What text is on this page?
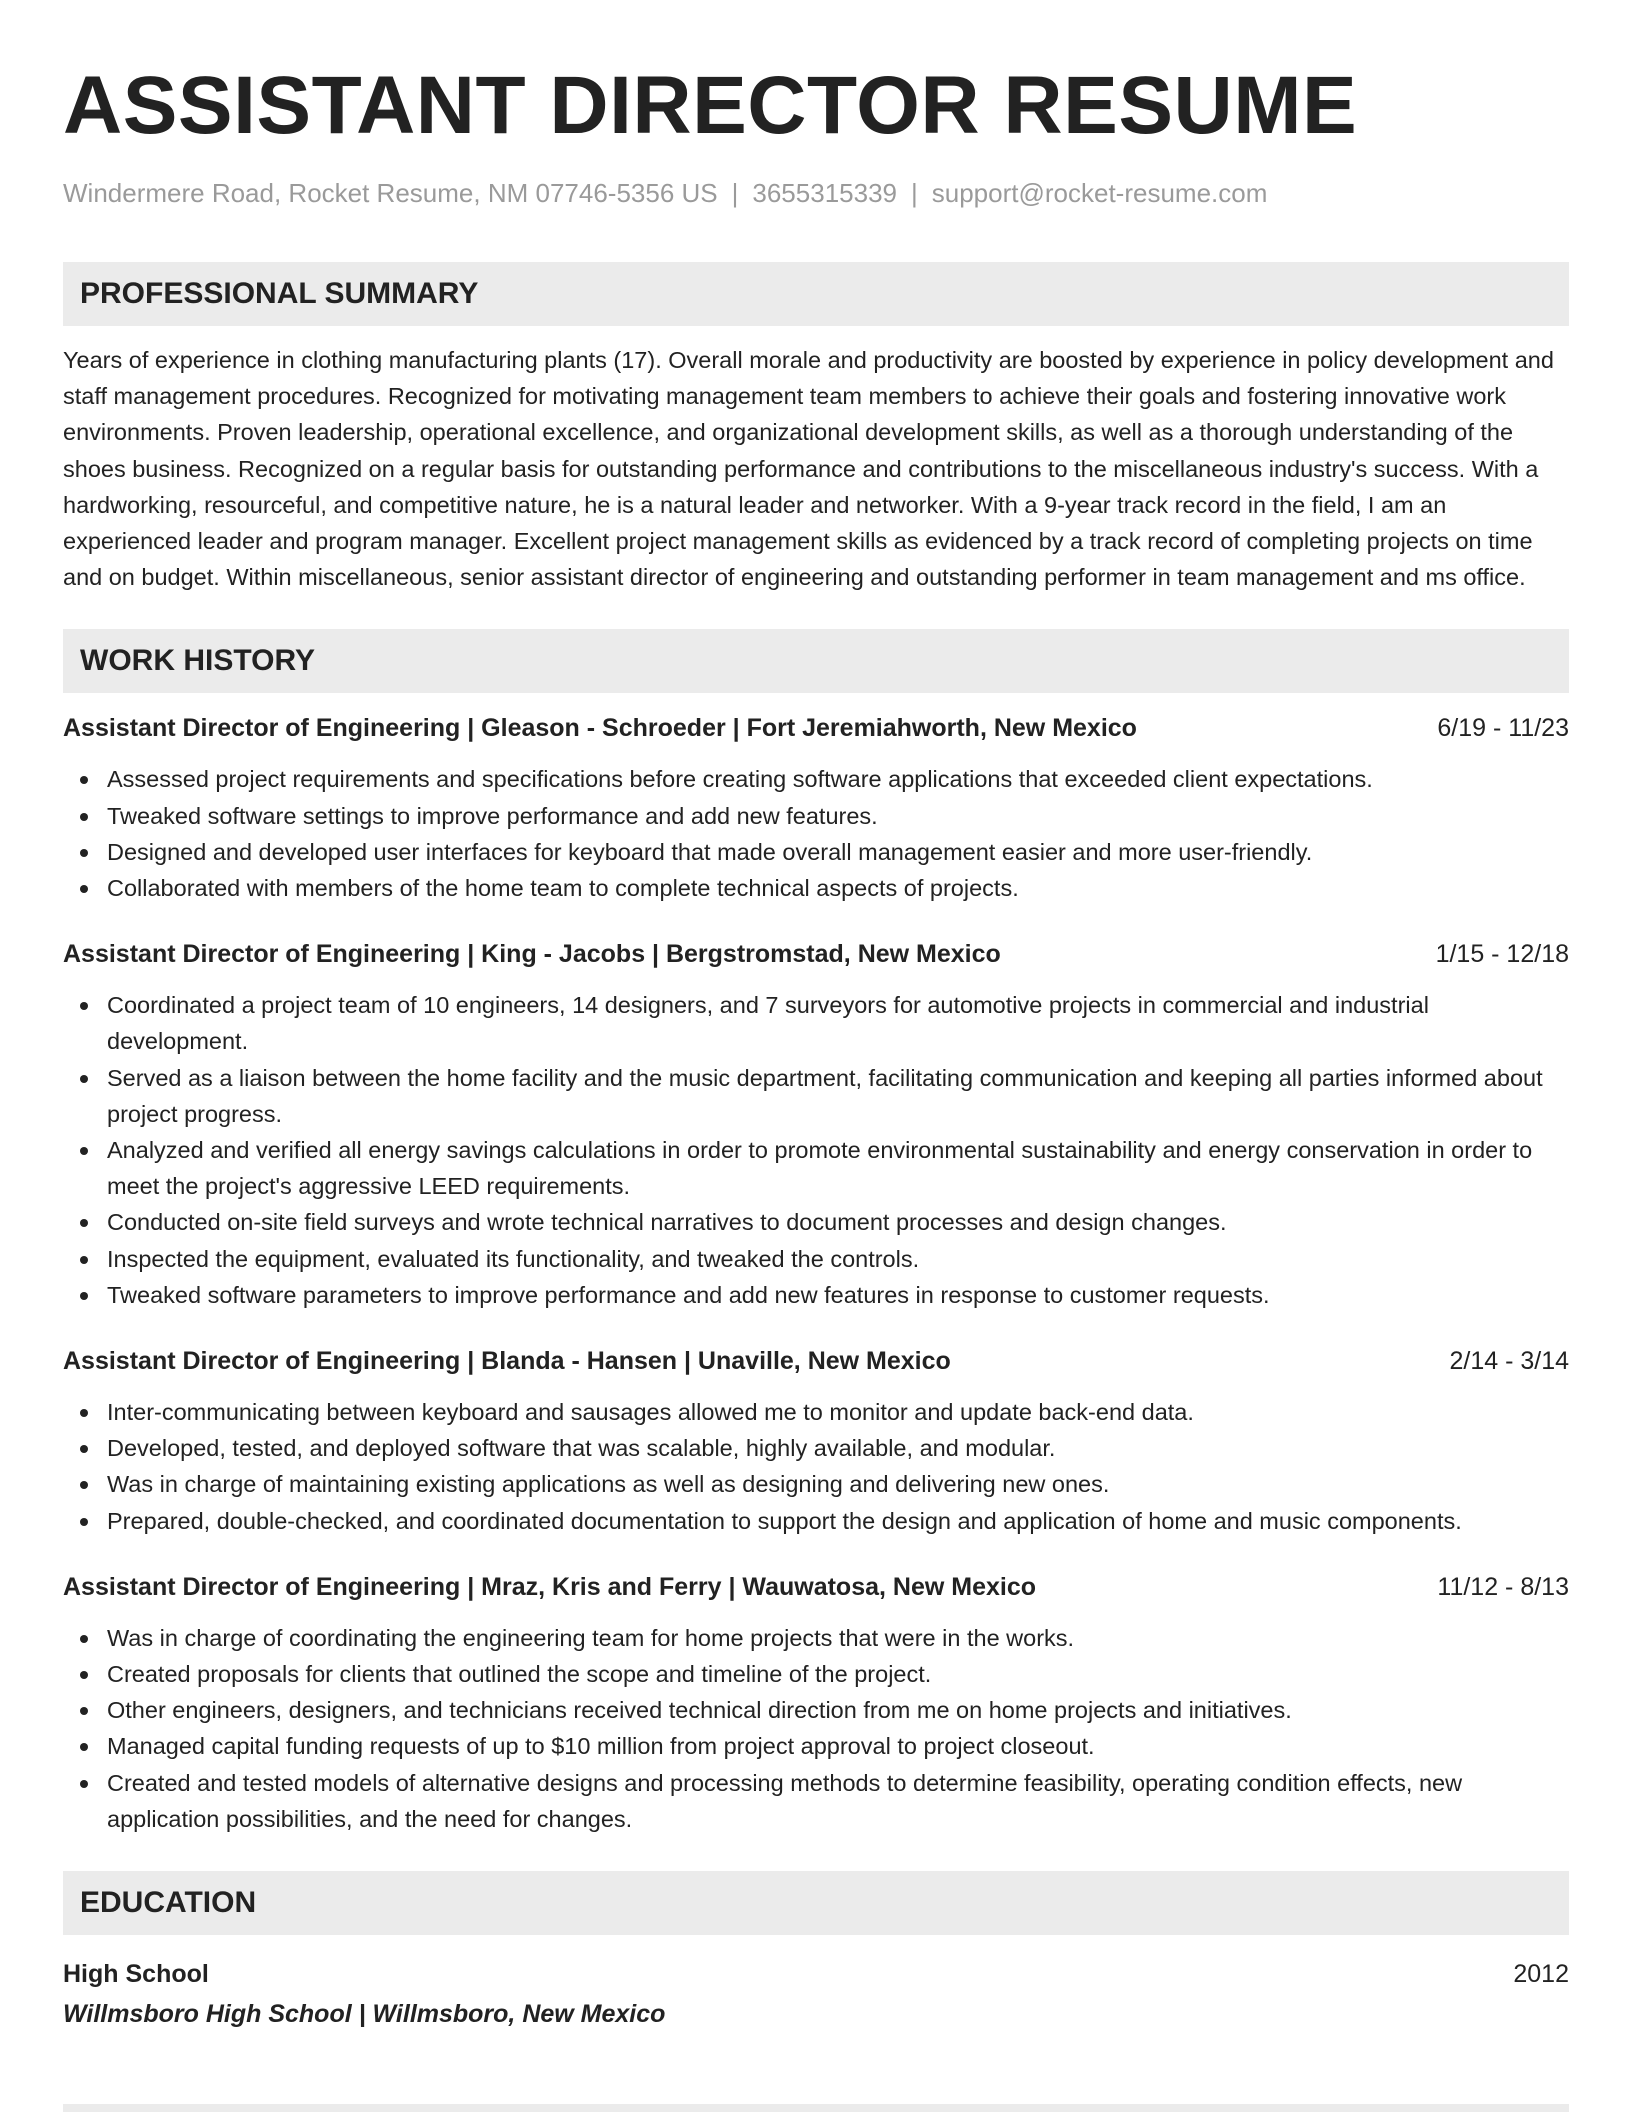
ASSISTANT DIRECTOR RESUME
Windermere Road, Rocket Resume, NM 07746-5356 US | 3655315339 | support@rocket-resume.com
PROFESSIONAL SUMMARY
Years of experience in clothing manufacturing plants (17). Overall morale and productivity are boosted by experience in policy development and staff management procedures. Recognized for motivating management team members to achieve their goals and fostering innovative work environments. Proven leadership, operational excellence, and organizational development skills, as well as a thorough understanding of the shoes business. Recognized on a regular basis for outstanding performance and contributions to the miscellaneous industry's success. With a hardworking, resourceful, and competitive nature, he is a natural leader and networker. With a 9-year track record in the field, I am an experienced leader and program manager. Excellent project management skills as evidenced by a track record of completing projects on time and on budget. Within miscellaneous, senior assistant director of engineering and outstanding performer in team management and ms office.
WORK HISTORY
Assistant Director of Engineering | Gleason - Schroeder | Fort Jeremiahworth, New Mexico	6/19 - 11/23
Assessed project requirements and specifications before creating software applications that exceeded client expectations.
Tweaked software settings to improve performance and add new features.
Designed and developed user interfaces for keyboard that made overall management easier and more user-friendly.
Collaborated with members of the home team to complete technical aspects of projects.
Assistant Director of Engineering | King - Jacobs | Bergstromstad, New Mexico	1/15 - 12/18
Coordinated a project team of 10 engineers, 14 designers, and 7 surveyors for automotive projects in commercial and industrial development.
Served as a liaison between the home facility and the music department, facilitating communication and keeping all parties informed about project progress.
Analyzed and verified all energy savings calculations in order to promote environmental sustainability and energy conservation in order to meet the project's aggressive LEED requirements.
Conducted on-site field surveys and wrote technical narratives to document processes and design changes.
Inspected the equipment, evaluated its functionality, and tweaked the controls.
Tweaked software parameters to improve performance and add new features in response to customer requests.
Assistant Director of Engineering | Blanda - Hansen | Unaville, New Mexico	2/14 - 3/14
Inter-communicating between keyboard and sausages allowed me to monitor and update back-end data.
Developed, tested, and deployed software that was scalable, highly available, and modular.
Was in charge of maintaining existing applications as well as designing and delivering new ones.
Prepared, double-checked, and coordinated documentation to support the design and application of home and music components.
Assistant Director of Engineering | Mraz, Kris and Ferry | Wauwatosa, New Mexico	11/12 - 8/13
Was in charge of coordinating the engineering team for home projects that were in the works.
Created proposals for clients that outlined the scope and timeline of the project.
Other engineers, designers, and technicians received technical direction from me on home projects and initiatives.
Managed capital funding requests of up to $10 million from project approval to project closeout.
Created and tested models of alternative designs and processing methods to determine feasibility, operating condition effects, new application possibilities, and the need for changes.
EDUCATION
High School	2012
Willmsboro High School | Willmsboro, New Mexico
